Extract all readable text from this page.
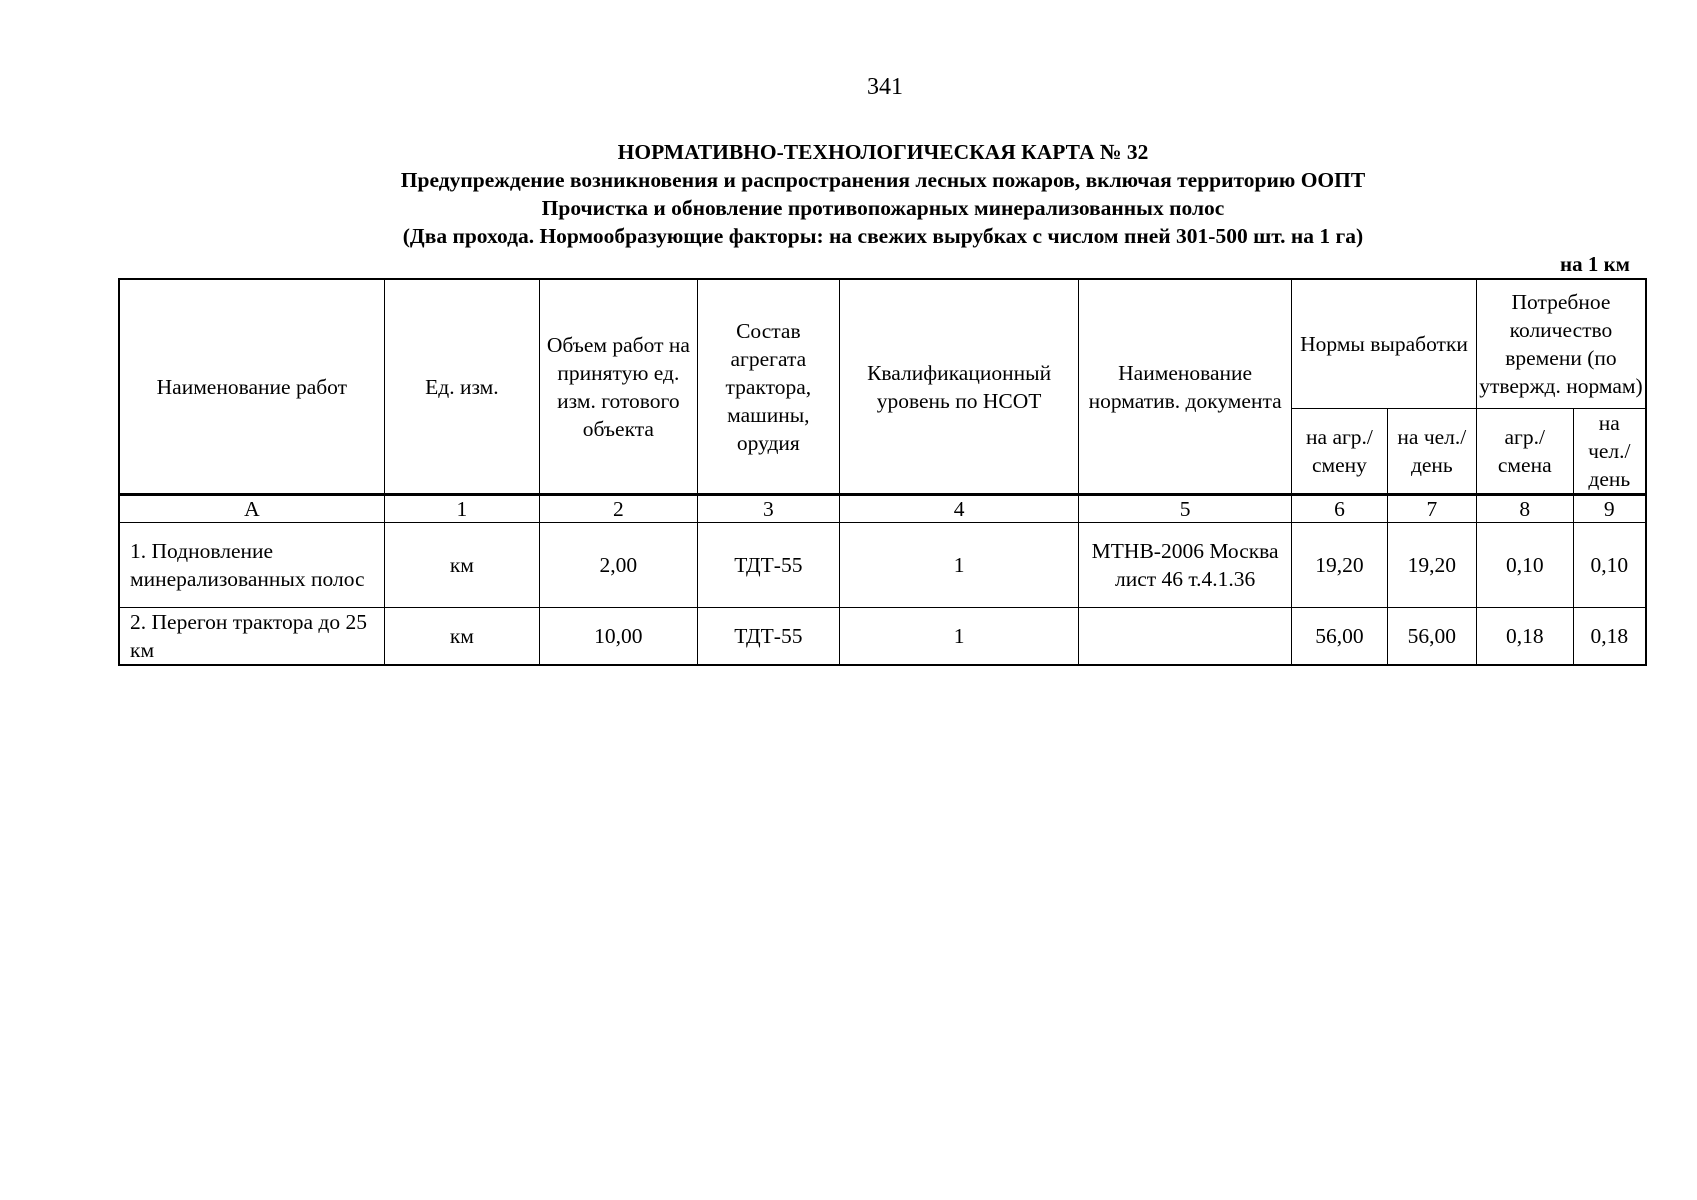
341
НОРМАТИВНО-ТЕХНОЛОГИЧЕСКАЯ КАРТА № 32
Предупреждение возникновения и распространения лесных пожаров, включая территорию ООПТ
Прочистка и обновление противопожарных минерализованных полос
(Два прохода. Нормообразующие факторы: на свежих вырубках с числом пней 301-500 шт. на 1 га)
на 1 км
Наименование работ	Ед. изм.	Объем работ на принятую ед. изм. готового объекта	Состав агрегата трактора, машины, орудия	Квалификационный уровень по НСОТ	Наименование норматив. документа	Нормы выработки		Потребное количество времени (по утвержд. нормам)	
						на агр./ смену	на чел./ день	агр./ смена	на чел./ день
А	1	2	3	4	5	6	7	8	9
1. Подновление минерализованных полос	км	2,00	ТДТ-55	1	МТНВ-2006 Москва лист 46 т.4.1.36	19,20	19,20	0,10	0,10
2. Перегон трактора до 25 км	км	10,00	ТДТ-55	1		56,00	56,00	0,18	0,18
